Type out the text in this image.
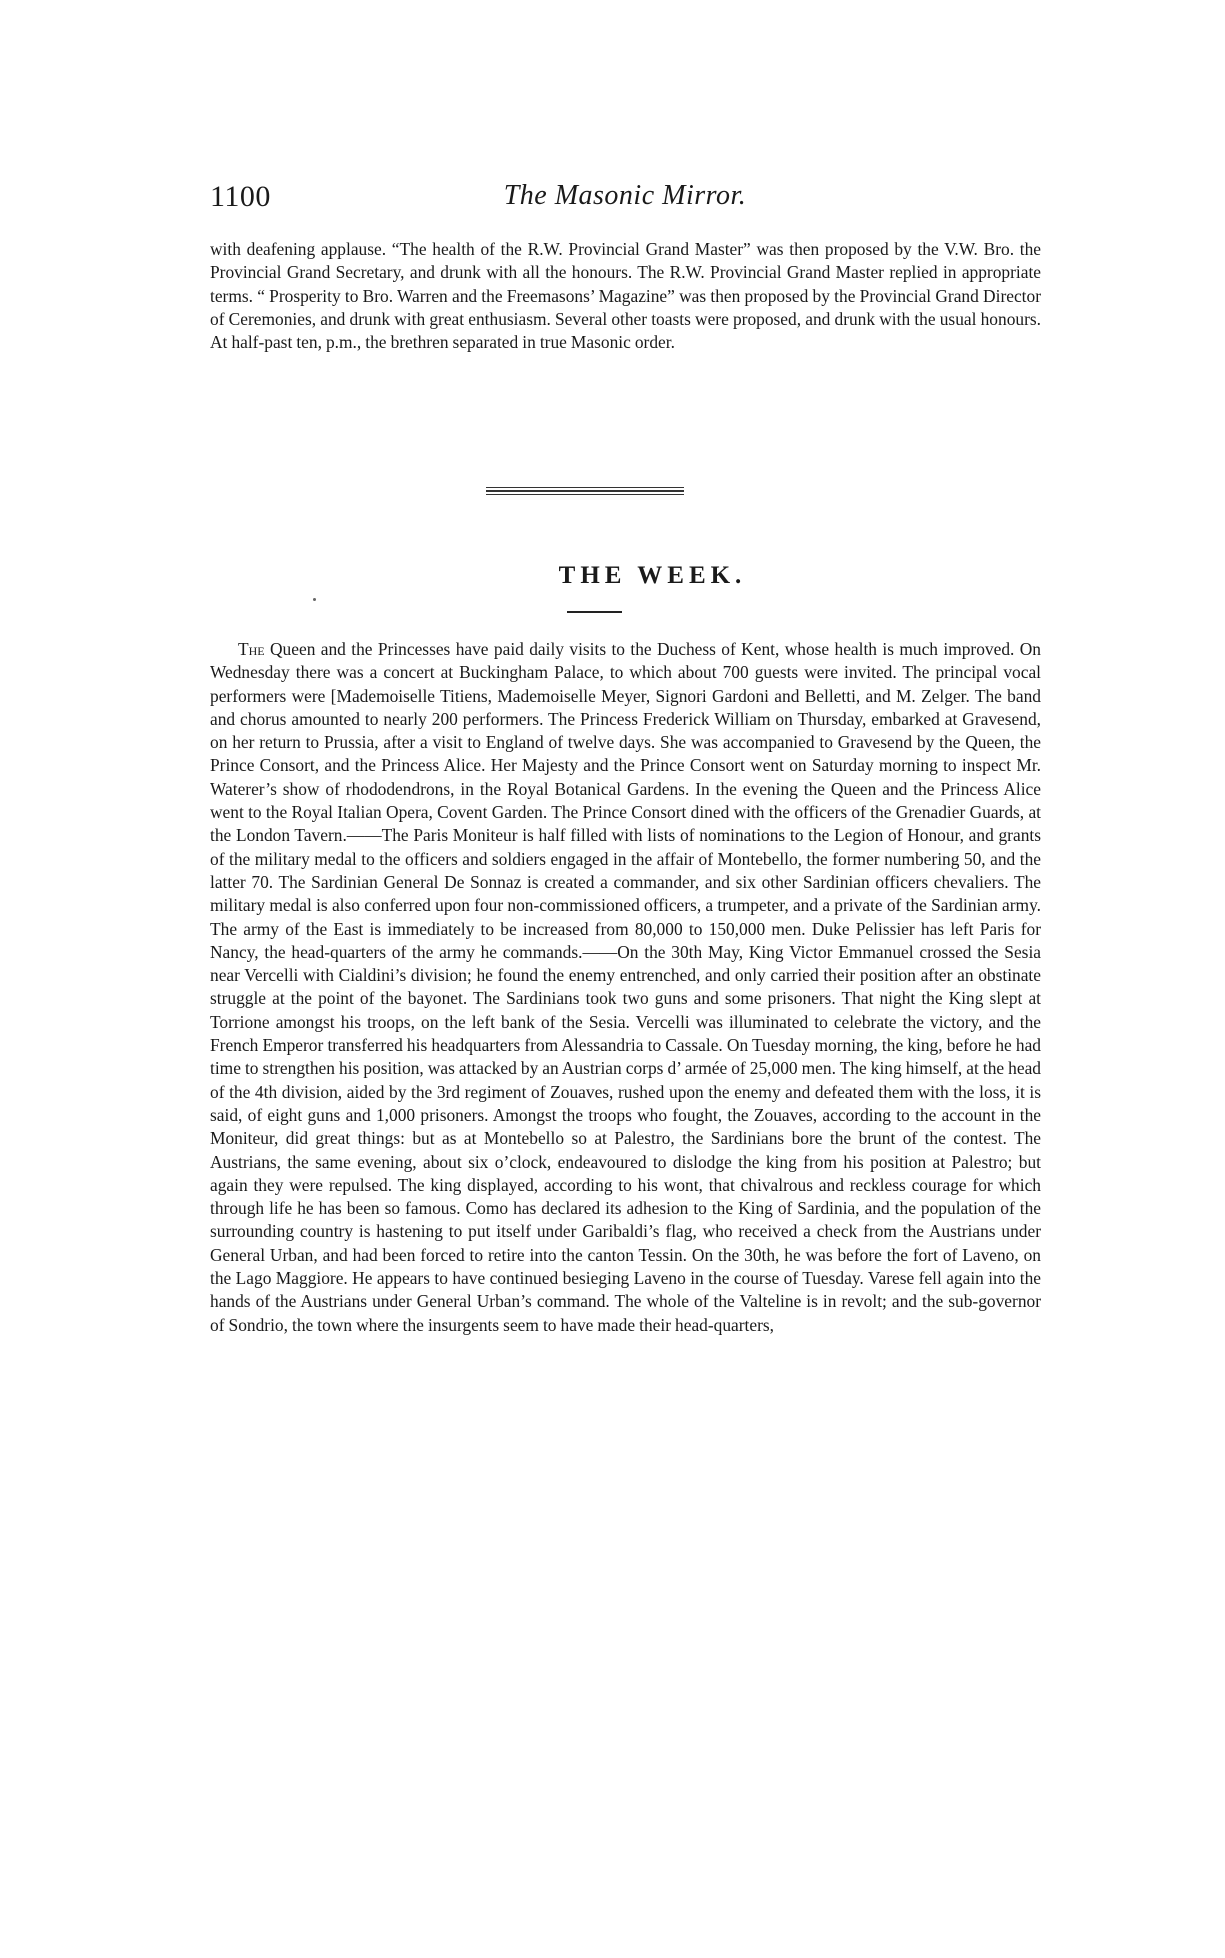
1100	The Masonic Mirror.

with deafening applause. “The health of the R.W. Provincial Grand Master” was then proposed by the V.W. Bro. the Provincial Grand Secretary, and drunk with all the honours. The R.W. Provincial Grand Master replied in appropriate terms. “ Prosperity to Bro. Warren and the Freemasons’ Magazine” was then proposed by the Provincial Grand Director of Ceremonies, and drunk with great enthusiasm. Several other toasts were proposed, and drunk with the usual honours. At half-past ten, p.m., the brethren separated in true Masonic order.

THE WEEK.

The Queen and the Princesses have paid daily visits to the Duchess of Kent, whose health is much improved. On Wednesday there was a concert at Buckingham Palace, to which about 700 guests were invited. The principal vocal performers were [Mademoiselle Titiens, Mademoiselle Meyer, Signori Gardoni and Belletti, and M. Zelger. The band and chorus amounted to nearly 200 performers. The Princess Frederick William on Thursday, embarked at Gravesend, on her return to Prussia, after a visit to England of twelve days. She was accompanied to Gravesend by the Queen, the Prince Consort, and the Princess Alice. Her Majesty and the Prince Consort went on Saturday morning to inspect Mr. Waterer’s show of rhododendrons, in the Royal Botanical Gardens. In the evening the Queen and the Princess Alice went to the Royal Italian Opera, Covent Garden. The Prince Consort dined with the officers of the Grenadier Guards, at the London Tavern.——The Paris Moniteur is half filled with lists of nominations to the Legion of Honour, and grants of the military medal to the officers and soldiers engaged in the affair of Montebello, the former numbering 50, and the latter 70. The Sardinian General De Sonnaz is created a commander, and six other Sardinian officers chevaliers. The military medal is also conferred upon four non-commissioned officers, a trumpeter, and a private of the Sardinian army. The army of the East is immediately to be increased from 80,000 to 150,000 men. Duke Pelissier has left Paris for Nancy, the head-quarters of the army he commands.——On the 30th May, King Victor Emmanuel crossed the Sesia near Vercelli with Cialdini’s division; he found the enemy entrenched, and only carried their position after an obstinate struggle at the point of the bayonet. The Sardinians took two guns and some prisoners. That night the King slept at Torrione amongst his troops, on the left bank of the Sesia. Vercelli was illuminated to celebrate the victory, and the French Emperor transferred his headquarters from Alessandria to Cassale. On Tuesday morning, the king, before he had time to strengthen his position, was attacked by an Austrian corps d’ armée of 25,000 men. The king himself, at the head of the 4th division, aided by the 3rd regiment of Zouaves, rushed upon the enemy and defeated them with the loss, it is said, of eight guns and 1,000 prisoners. Amongst the troops who fought, the Zouaves, according to the account in the Moniteur, did great things: but as at Montebello so at Palestro, the Sardinians bore the brunt of the contest. The Austrians, the same evening, about six o’clock, endeavoured to dislodge the king from his position at Palestro; but again they were repulsed. The king displayed, according to his wont, that chivalrous and reckless courage for which through life he has been so famous. Como has declared its adhesion to the King of Sardinia, and the population of the surrounding country is hastening to put itself under Garibaldi’s flag, who received a check from the Austrians under General Urban, and had been forced to retire into the canton Tessin. On the 30th, he was before the fort of Laveno, on the Lago Maggiore. He appears to have continued besieging Laveno in the course of Tuesday. Varese fell again into the hands of the Austrians under General Urban’s command. The whole of the Valteline is in revolt; and the sub-governor of Sondrio, the town where the insurgents seem to have made their head-quarters,
